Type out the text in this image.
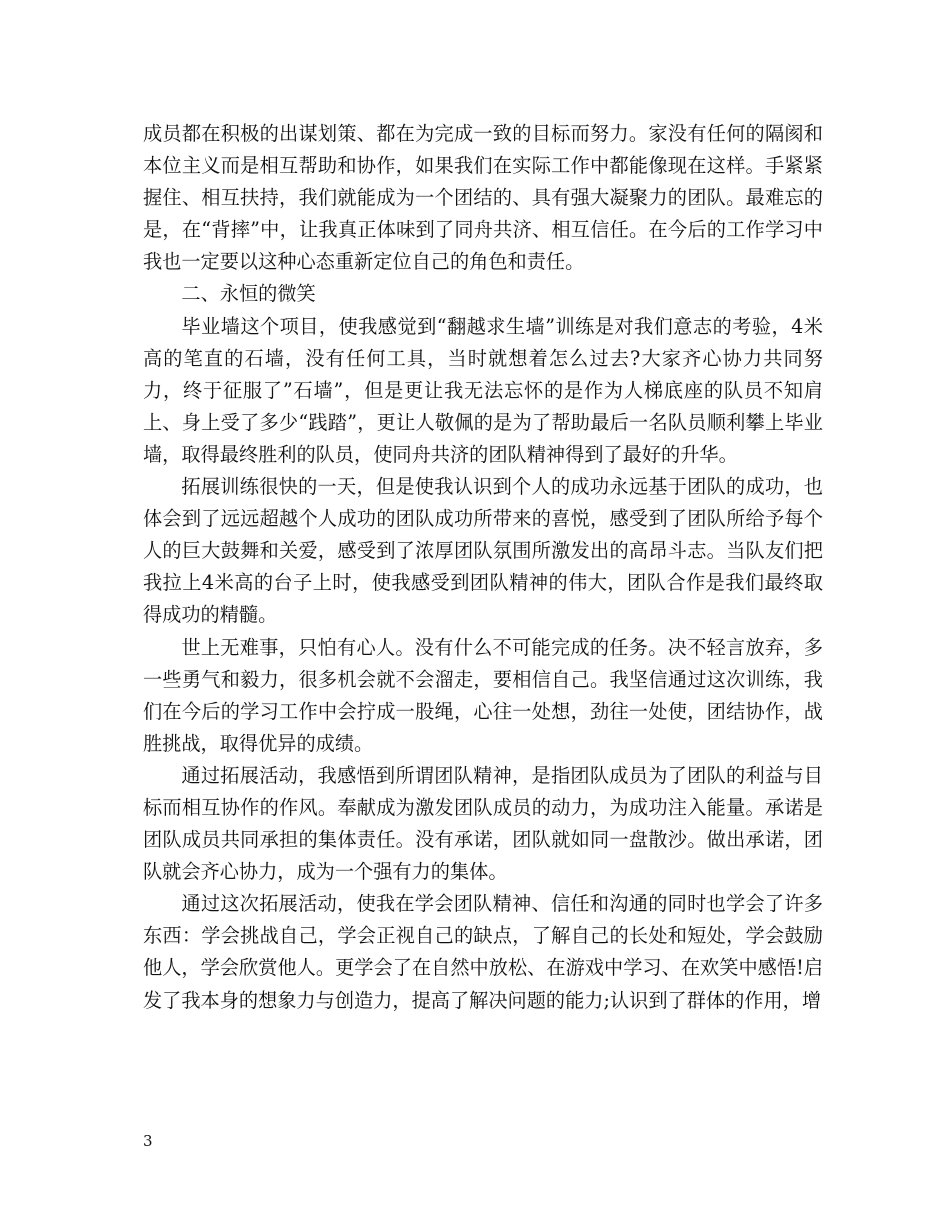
成员都在积极的出谋划策、都在为完成一致的目标而努力。家没有任何的隔阂和本位主义而是相互帮助和协作，如果我们在实际工作中都能像现在这样。手紧紧握住、相互扶持，我们就能成为一个团结的、具有强大凝聚力的团队。最难忘的是，在“背摔”中，让我真正体味到了同舟共济、相互信任。在今后的工作学习中我也一定要以这种心态重新定位自己的角色和责任。

二、永恒的微笑

毕业墙这个项目，使我感觉到“翻越求生墙”训练是对我们意志的考验，4米高的笔直的石墙，没有任何工具，当时就想着怎么过去?大家齐心协力共同努力，终于征服了”石墙”，但是更让我无法忘怀的是作为人梯底座的队员不知肩上、身上受了多少“践踏”，更让人敬佩的是为了帮助最后一名队员顺利攀上毕业墙，取得最终胜利的队员，使同舟共济的团队精神得到了最好的升华。

拓展训练很快的一天，但是使我认识到个人的成功永远基于团队的成功，也体会到了远远超越个人成功的团队成功所带来的喜悦，感受到了团队所给予每个人的巨大鼓舞和关爱，感受到了浓厚团队氛围所激发出的高昂斗志。当队友们把我拉上4米高的台子上时，使我感受到团队精神的伟大，团队合作是我们最终取得成功的精髓。

世上无难事，只怕有心人。没有什么不可能完成的任务。决不轻言放弃，多一些勇气和毅力，很多机会就不会溜走，要相信自己。我坚信通过这次训练，我们在今后的学习工作中会拧成一股绳，心往一处想，劲往一处使，团结协作，战胜挑战，取得优异的成绩。

通过拓展活动，我感悟到所谓团队精神，是指团队成员为了团队的利益与目标而相互协作的作风。奉献成为激发团队成员的动力，为成功注入能量。承诺是团队成员共同承担的集体责任。没有承诺，团队就如同一盘散沙。做出承诺，团队就会齐心协力，成为一个强有力的集体。

通过这次拓展活动，使我在学会团队精神、信任和沟通的同时也学会了许多东西：学会挑战自己，学会正视自己的缺点，了解自己的长处和短处，学会鼓励他人，学会欣赏他人。更学会了在自然中放松、在游戏中学习、在欢笑中感悟!启发了我本身的想象力与创造力，提高了解决问题的能力;认识到了群体的作用，增

3
